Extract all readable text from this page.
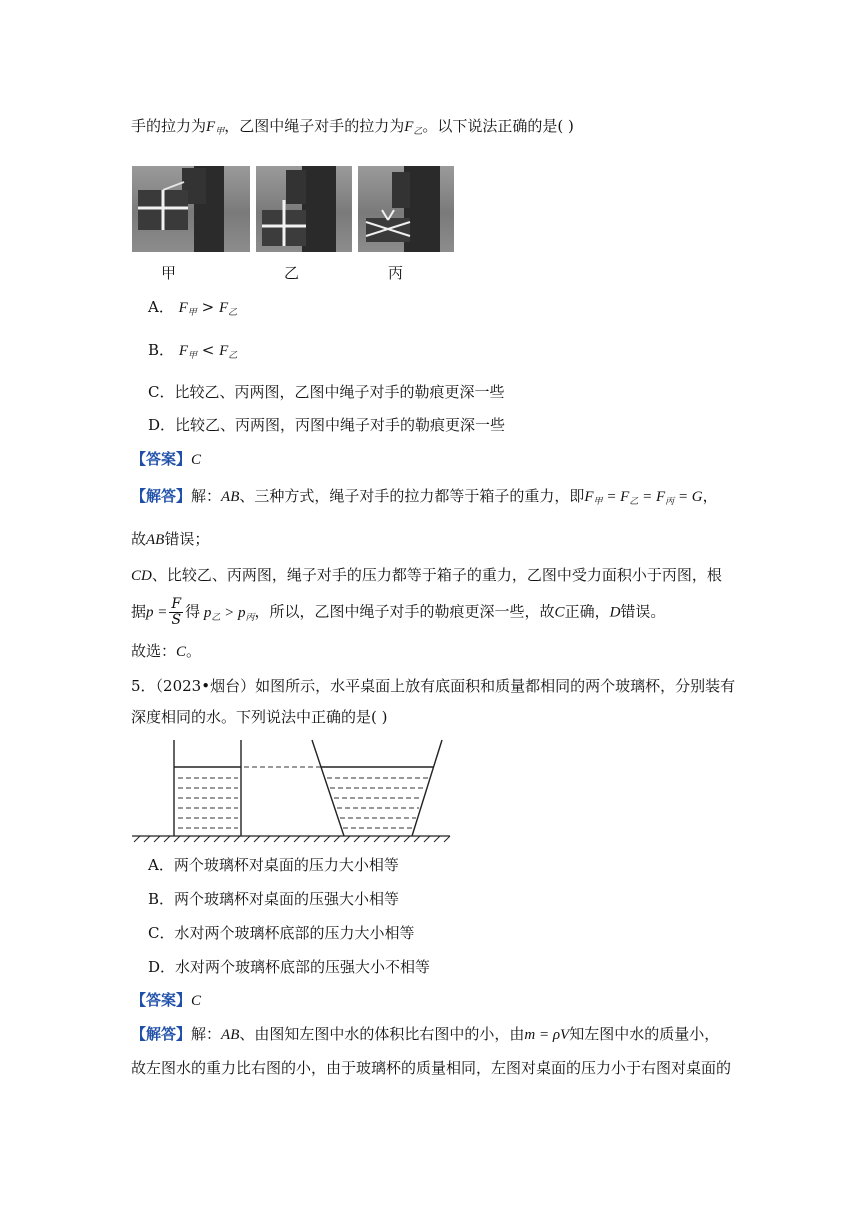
手的拉力为$F_甲$，乙图中绳子对手的拉力为$F_乙$。以下说法正确的是( )
甲	乙	丙
A． $F_甲 > F_乙$
B． $F_甲 < F_乙$
C．比较乙、丙两图，乙图中绳子对手的勒痕更深一些
D．比较乙、丙两图，丙图中绳子对手的勒痕更深一些
【答案】C
【解答】解：AB、三种方式，绳子对手的拉力都等于箱子的重力，即$F_甲 = F_乙 = F_丙 = G$，
故AB错误；
CD、比较乙、丙两图，绳子对手的压力都等于箱子的重力，乙图中受力面积小于丙图，根
据$p = \frac{F}{S}$ 得 $p_乙 > p_丙$，所以，乙图中绳子对手的勒痕更深一些，故C正确，D错误。
故选：C。
5．（2023•烟台）如图所示，水平桌面上放有底面积和质量都相同的两个玻璃杯，分别装有
深度相同的水。下列说法中正确的是( )
A．两个玻璃杯对桌面的压力大小相等
B．两个玻璃杯对桌面的压强大小相等
C．水对两个玻璃杯底部的压力大小相等
D．水对两个玻璃杯底部的压强大小不相等
【答案】C
【解答】解：AB、由图知左图中水的体积比右图中的小，由m = ρV知左图中水的质量小，
故左图水的重力比右图的小，由于玻璃杯的质量相同，左图对桌面的压力小于右图对桌面的
